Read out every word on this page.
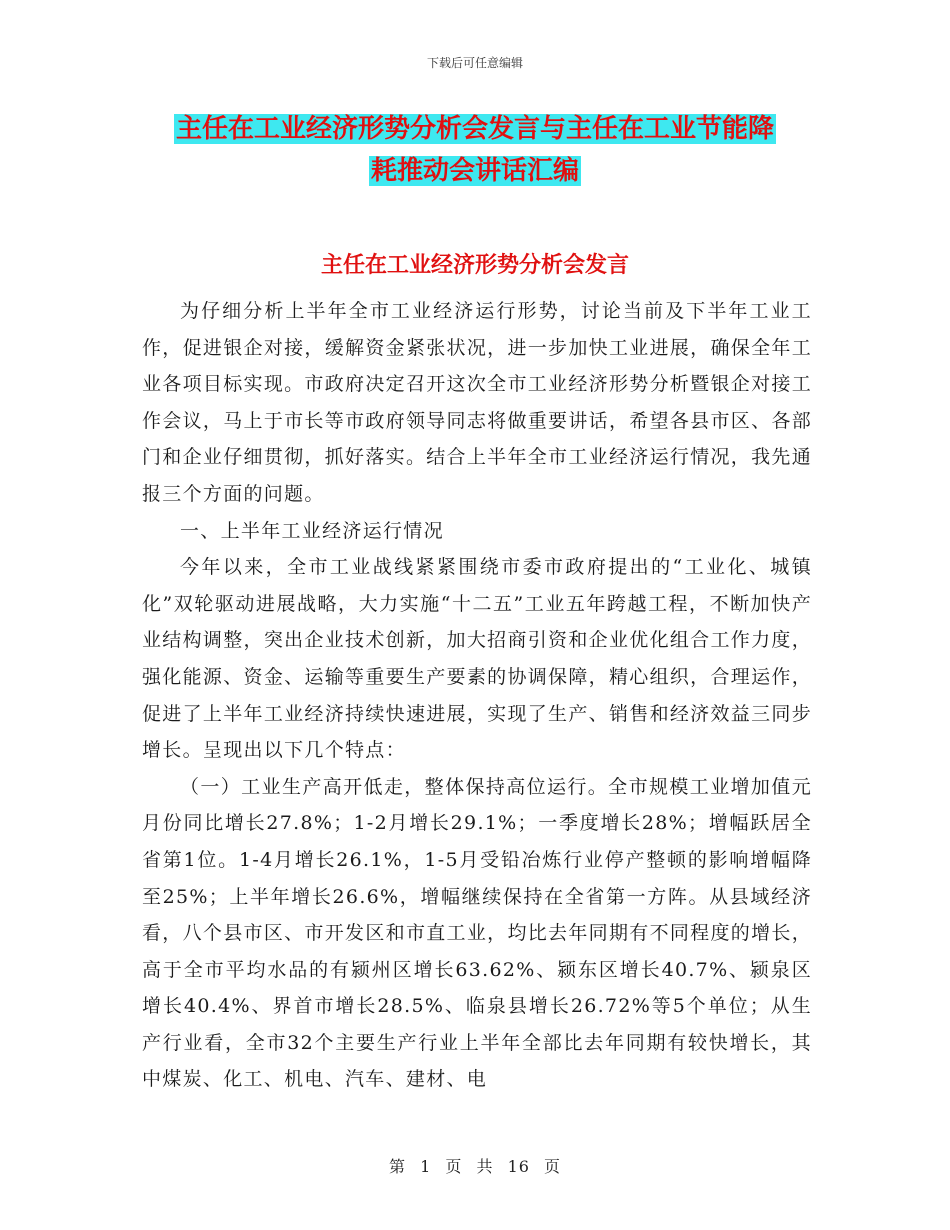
下载后可任意编辑
主任在工业经济形势分析会发言与主任在工业节能降
耗推动会讲话汇编
主任在工业经济形势分析会发言

为仔细分析上半年全市工业经济运行形势，讨论当前及下半年工业工作，促进银企对接，缓解资金紧张状况，进一步加快工业进展，确保全年工业各项目标实现。市政府决定召开这次全市工业经济形势分析暨银企对接工作会议，马上于市长等市政府领导同志将做重要讲话，希望各县市区、各部门和企业仔细贯彻，抓好落实。结合上半年全市工业经济运行情况，我先通报三个方面的问题。

一、上半年工业经济运行情况

今年以来，全市工业战线紧紧围绕市委市政府提出的“工业化、城镇化”双轮驱动进展战略，大力实施“十二五”工业五年跨越工程，不断加快产业结构调整，突出企业技术创新，加大招商引资和企业优化组合工作力度，强化能源、资金、运输等重要生产要素的协调保障，精心组织，合理运作，促进了上半年工业经济持续快速进展，实现了生产、销售和经济效益三同步增长。呈现出以下几个特点：

（一）工业生产高开低走，整体保持高位运行。全市规模工业增加值元月份同比增长27.8%；1-2月增长29.1%；一季度增长28%；增幅跃居全省第1位。1-4月增长26.1%，1-5月受铅冶炼行业停产整顿的影响增幅降至25%；上半年增长26.6%，增幅继续保持在全省第一方阵。从县域经济看，八个县市区、市开发区和市直工业，均比去年同期有不同程度的增长，高于全市平均水品的有颍州区增长63.62%、颍东区增长40.7%、颍泉区增长40.4%、界首市增长28.5%、临泉县增长26.72%等5个单位；从生产行业看，全市32个主要生产行业上半年全部比去年同期有较快增长，其中煤炭、化工、机电、汽车、建材、电

第 1 页 共 16 页
